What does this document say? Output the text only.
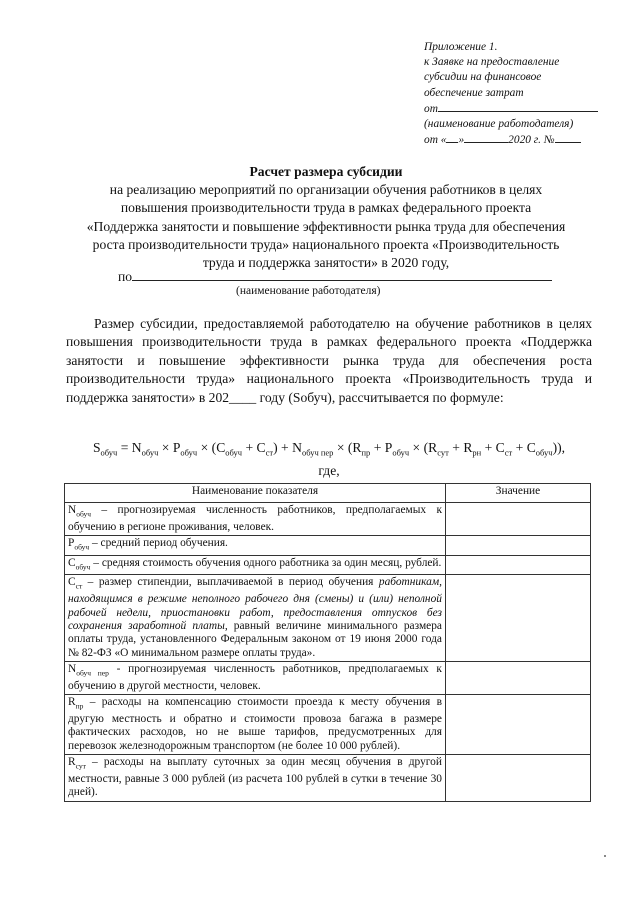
Приложение 1.
к Заявке на предоставление
субсидии на финансовое
обеспечение затрат
от
(наименование работодателя)
от « »	2020 г. №
Расчет размера субсидии
на реализацию мероприятий по организации обучения работников в целях
повышения производительности труда в рамках федерального проекта
«Поддержка занятости и повышение эффективности рынка труда для обеспечения
роста производительности труда» национального проекта «Производительность
труда и поддержка занятости» в 2020 году,
по
(наименование работодателя)
Размер субсидии, предоставляемой работодателю на обучение работников в целях повышения производительности труда в рамках федерального проекта «Поддержка занятости и повышение эффективности рынка труда для обеспечения роста производительности труда» национального проекта «Производительность труда и поддержка занятости» в 202____ году (Sобуч), рассчитывается по формуле:
$S_{обуч} = N_{обуч} \times P_{обуч} \times (C_{обуч} + C_{ст}) + N_{обуч пер} \times (R_{пр} + P_{обуч} \times (R_{сут} + R_{рн} + C_{ст} + C_{обуч}))$,
где,
Наименование показателя	Значение
$N_{обуч}$ – прогнозируемая численность работников, предполагаемых к обучению в регионе проживания, человек.	
$P_{обуч}$ – средний период обучения.	
$C_{обуч}$ – средняя стоимость обучения одного работника за один месяц, рублей.	
$C_{ст}$ – размер стипендии, выплачиваемой в период обучения работникам, находящимся в режиме неполного рабочего дня (смены) и (или) неполной рабочей недели, приостановки работ, предоставления отпусков без сохранения заработной платы, равный величине минимального размера оплаты труда, установленного Федеральным законом от 19 июня 2000 года № 82-ФЗ «О минимальном размере оплаты труда».	
$N_{обуч пер}$ - прогнозируемая численность работников, предполагаемых к обучению в другой местности, человек.	
$R_{пр}$ – расходы на компенсацию стоимости проезда к месту обучения в другую местность и обратно и стоимости провоза багажа в размере фактических расходов, но не выше тарифов, предусмотренных для перевозок железнодорожным транспортом (не более 10 000 рублей).	
$R_{сут}$ – расходы на выплату суточных за один месяц обучения в другой местности, равные 3 000 рублей (из расчета 100 рублей в сутки в течение 30 дней).	
